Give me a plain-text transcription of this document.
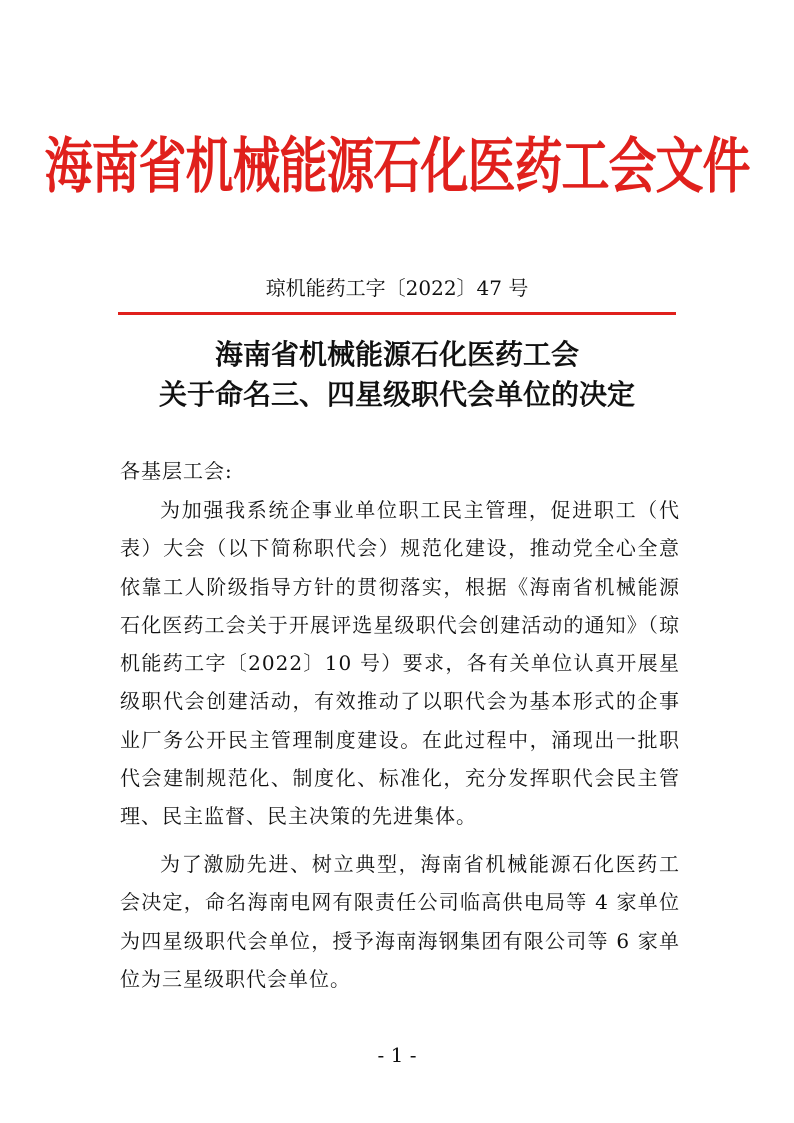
海南省机械能源石化医药工会文件
琼机能药工字〔2022〕47 号
海南省机械能源石化医药工会
关于命名三、四星级职代会单位的决定

各基层工会:

为加强我系统企事业单位职工民主管理，促进职工（代表）大会（以下简称职代会）规范化建设，推动党全心全意依靠工人阶级指导方针的贯彻落实，根据《海南省机械能源石化医药工会关于开展评选星级职代会创建活动的通知》（琼机能药工字〔2022〕10 号）要求，各有关单位认真开展星级职代会创建活动，有效推动了以职代会为基本形式的企事业厂务公开民主管理制度建设。在此过程中，涌现出一批职代会建制规范化、制度化、标准化，充分发挥职代会民主管理、民主监督、民主决策的先进集体。

为了激励先进、树立典型，海南省机械能源石化医药工会决定，命名海南电网有限责任公司临高供电局等 4 家单位为四星级职代会单位，授予海南海钢集团有限公司等 6 家单位为三星级职代会单位。

- 1 -
